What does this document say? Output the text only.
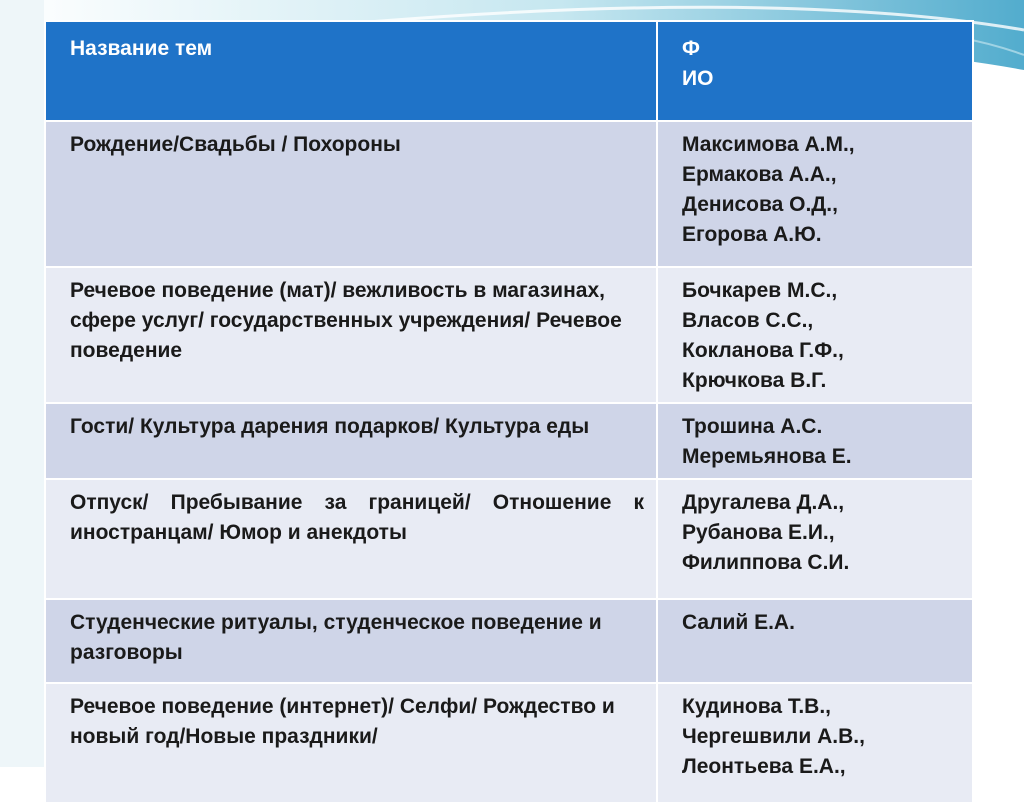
Название тем	Ф
ИО

Рождение/Свадьбы / Похороны	Максимова А.М.,
Ермакова А.А.,
Денисова О.Д.,
Егорова А.Ю.

Речевое поведение (мат)/ вежливость в магазинах, сфере услуг/ государственных учреждения/ Речевое поведение	Бочкарев М.С.,
Власов С.С.,
Кокланова Г.Ф.,
Крючкова В.Г.

Гости/ Культура дарения подарков/ Культура еды	Трошина А.С.
Меремьянова Е.

Отпуск/ Пребывание за границей/ Отношение к иностранцам/ Юмор и анекдоты	Другалева Д.А.,
Рубанова Е.И.,
Филиппова С.И.

Студенческие ритуалы, студенческое поведение и разговоры	Салий Е.А.

Речевое поведение (интернет)/ Селфи/ Рождество и новый год/Новые праздники/	Кудинова Т.В.,
Чергешвили А.В.,
Леонтьева Е.А.,
